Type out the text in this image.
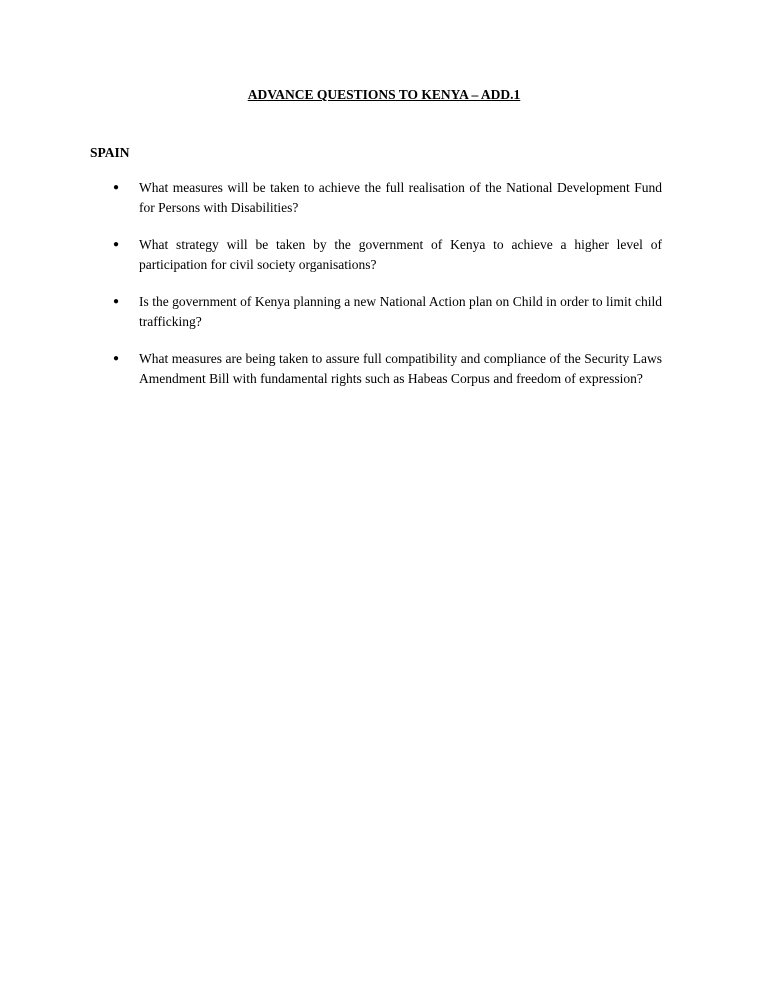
ADVANCE QUESTIONS TO KENYA – ADD.1
SPAIN
● What measures will be taken to achieve the full realisation of the National Development Fund for Persons with Disabilities?
● What strategy will be taken by the government of Kenya to achieve a higher level of participation for civil society organisations?
● Is the government of Kenya planning a new National Action plan on Child in order to limit child trafficking?
● What measures are being taken to assure full compatibility and compliance of the Security Laws Amendment Bill with fundamental rights such as Habeas Corpus and freedom of expression?
